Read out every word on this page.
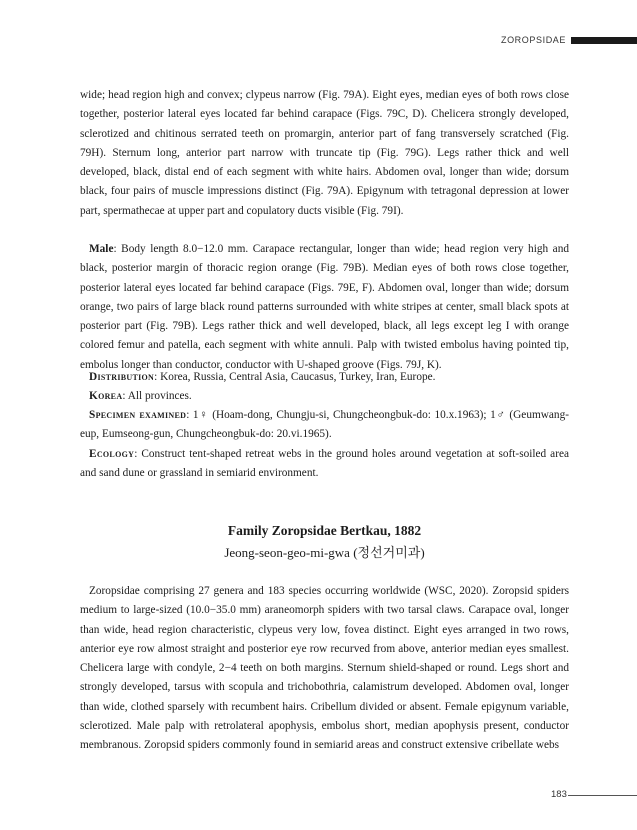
ZOROPSIDAE

wide; head region high and convex; clypeus narrow (Fig. 79A). Eight eyes, median eyes of both rows close together, posterior lateral eyes located far behind carapace (Figs. 79C, D). Chelicera strongly developed, sclerotized and chitinous serrated teeth on promargin, anterior part of fang transversely scratched (Fig. 79H). Sternum long, anterior part narrow with truncate tip (Fig. 79G). Legs rather thick and well developed, black, distal end of each segment with white hairs. Abdomen oval, longer than wide; dorsum black, four pairs of muscle impressions distinct (Fig. 79A). Epigynum with tetragonal depression at lower part, spermathecae at upper part and copulatory ducts visible (Fig. 79I).

Male: Body length 8.0−12.0 mm. Carapace rectangular, longer than wide; head region very high and black, posterior margin of thoracic region orange (Fig. 79B). Median eyes of both rows close together, posterior lateral eyes located far behind carapace (Figs. 79E, F). Abdomen oval, longer than wide; dorsum orange, two pairs of large black round patterns surrounded with white stripes at center, small black spots at posterior part (Fig. 79B). Legs rather thick and well developed, black, all legs except leg I with orange colored femur and patella, each segment with white annuli. Palp with twisted embolus having pointed tip, embolus longer than conductor, conductor with U-shaped groove (Figs. 79J, K).

Distribution: Korea, Russia, Central Asia, Caucasus, Turkey, Iran, Europe.

Korea: All provinces.

Specimen examined: 1♀ (Hoam-dong, Chungju-si, Chungcheongbuk-do: 10.x.1963); 1♂ (Geumwang-eup, Eumseong-gun, Chungcheongbuk-do: 20.vi.1965).

Ecology: Construct tent-shaped retreat webs in the ground holes around vegetation at soft-soiled area and sand dune or grassland in semiarid environment.

Family Zoropsidae Bertkau, 1882
Jeong-seon-geo-mi-gwa (정선거미과)

Zoropsidae comprising 27 genera and 183 species occurring worldwide (WSC, 2020). Zoropsid spiders medium to large-sized (10.0−35.0 mm) araneomorph spiders with two tarsal claws. Carapace oval, longer than wide, head region characteristic, clypeus very low, fovea distinct. Eight eyes arranged in two rows, anterior eye row almost straight and posterior eye row recurved from above, anterior median eyes smallest. Chelicera large with condyle, 2−4 teeth on both margins. Sternum shield-shaped or round. Legs short and strongly developed, tarsus with scopula and trichobothria, calamistrum developed. Abdomen oval, longer than wide, clothed sparsely with recumbent hairs. Cribellum divided or absent. Female epigynum variable, sclerotized. Male palp with retrolateral apophysis, embolus short, median apophysis present, conductor membranous. Zoropsid spiders commonly found in semiarid areas and construct extensive cribellate webs

183
